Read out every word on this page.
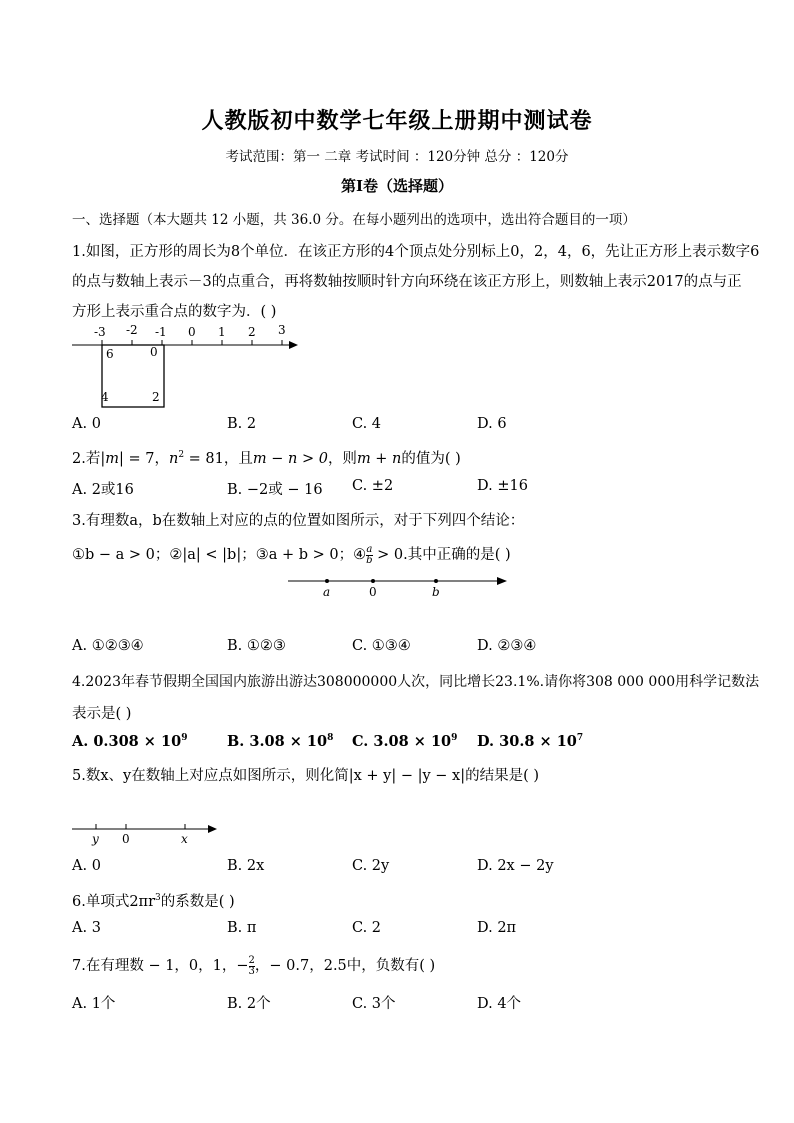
人教版初中数学七年级上册期中测试卷
考试范围：第一 二章 考试时间 ：120分钟 总分 ：120分
第Ⅰ卷（选择题）
一、选择题（本大题共 12 小题，共 36.0 分。在每小题列出的选项中，选出符合题目的一项）
1.如图，正方形的周长为8个单位．在该正方形的4个顶点处分别标上0，2，4，6，先让正方形上表示数字6
的点与数轴上表示－3的点重合，再将数轴按顺时针方向环绕在该正方形上，则数轴上表示2017的点与正
方形上表示重合点的数字为．( )
-3 -2 -1 0 1 2 3
6	0
4	2
A. 0	B. 2	C. 4	D. 6
2.若|m| = 7，$n^2 = 81$，且m − n > 0，则m + n的值为( )
A. 2或16	B. −2或 − 16 C. ±2	D. ±16
3.有理数a，b在数轴上对应的点的位置如图所示，对于下列四个结论：
①b − a > 0；②|a| < |b|；③a + b > 0；④ $\frac{a}{b} > 0$.其中正确的是( )
a	0	b
A. ①②③④	B. ①②③	C. ①③④	D. ②③④
4.2023年春节假期全国国内旅游出游达308000000人次，同比增长23.1%.请你将308 000 000用科学记数法
表示是( )
A. $0.308 \times 10^9$	B. $3.08 \times 10^8$ C. $3.08 \times 10^9$ D. $30.8 \times 10^7$
5.数x、y在数轴上对应点如图所示，则化简|x + y| − |y − x|的结果是( )
y 0	x
A. 0	B. 2x	C. 2y	D. 2x − 2y
6.单项式$2\pi r^3$的系数是( )
A. 3	B. π	C. 2	D. 2π
7.在有理数 − 1，0，1，− $\frac{2}{3}$ ，− 0.7，2.5中，负数有( )
A. 1个	B. 2个	C. 3个	D. 4个
